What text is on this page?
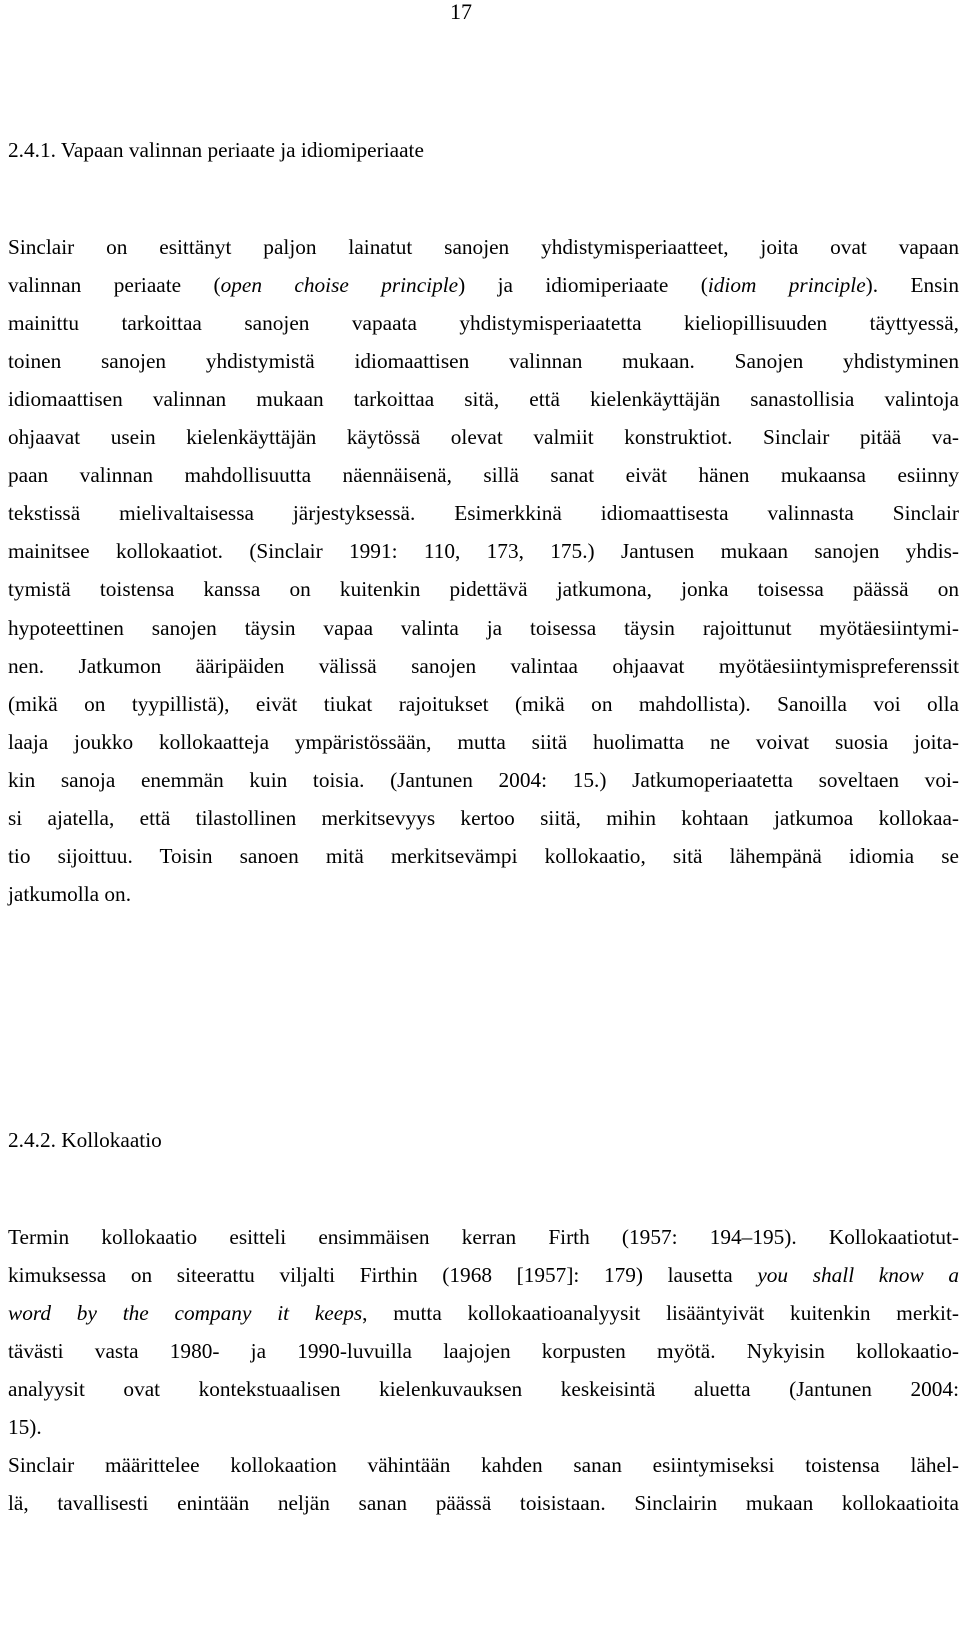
17
2.4.1. Vapaan valinnan periaate ja idiomiperiaate
Sinclair on esittänyt paljon lainatut sanojen yhdistymisperiaatteet, joita ovat vapaan
valinnan periaate (open choise principle) ja idiomiperiaate (idiom principle). Ensin
mainittu tarkoittaa sanojen vapaata yhdistymisperiaatetta kieliopillisuuden täyttyessä,
toinen sanojen yhdistymistä idiomaattisen valinnan mukaan. Sanojen yhdistyminen
idiomaattisen valinnan mukaan tarkoittaa sitä, että kielenkäyttäjän sanastollisia valintoja
ohjaavat usein kielenkäyttäjän käytössä olevat valmiit konstruktiot. Sinclair pitää va-
paan valinnan mahdollisuutta näennäisenä, sillä sanat eivät hänen mukaansa esiinny
tekstissä mielivaltaisessa järjestyksessä. Esimerkkinä idiomaattisesta valinnasta Sinclair
mainitsee kollokaatiot. (Sinclair 1991: 110, 173, 175.) Jantusen mukaan sanojen yhdis-
tymistä toistensa kanssa on kuitenkin pidettävä jatkumona, jonka toisessa päässä on
hypoteettinen sanojen täysin vapaa valinta ja toisessa täysin rajoittunut myötäesiintymi-
nen. Jatkumon ääripäiden välissä sanojen valintaa ohjaavat myötäesiintymispreferenssit
(mikä on tyypillistä), eivät tiukat rajoitukset (mikä on mahdollista). Sanoilla voi olla
laaja joukko kollokaatteja ympäristössään, mutta siitä huolimatta ne voivat suosia joita-
kin sanoja enemmän kuin toisia. (Jantunen 2004: 15.) Jatkumoperiaatetta soveltaen voi-
si ajatella, että tilastollinen merkitsevyys kertoo siitä, mihin kohtaan jatkumoa kollokaa-
tio sijoittuu. Toisin sanoen mitä merkitsevämpi kollokaatio, sitä lähempänä idiomia se
jatkumolla on.
2.4.2. Kollokaatio
Termin kollokaatio esitteli ensimmäisen kerran Firth (1957: 194–195). Kollokaatiotut-
kimuksessa on siteerattu viljalti Firthin (1968 [1957]: 179) lausetta you shall know a
word by the company it keeps, mutta kollokaatioanalyysit lisääntyivät kuitenkin merkit-
tävästi vasta 1980- ja 1990-luvuilla laajojen korpusten myötä. Nykyisin kollokaatio-
analyysit ovat kontekstuaalisen kielenkuvauksen keskeisintä aluetta (Jantunen 2004:
15).
Sinclair määrittelee kollokaation vähintään kahden sanan esiintymiseksi toistensa lähel-
lä, tavallisesti enintään neljän sanan päässä toisistaan. Sinclairin mukaan kollokaatioita
